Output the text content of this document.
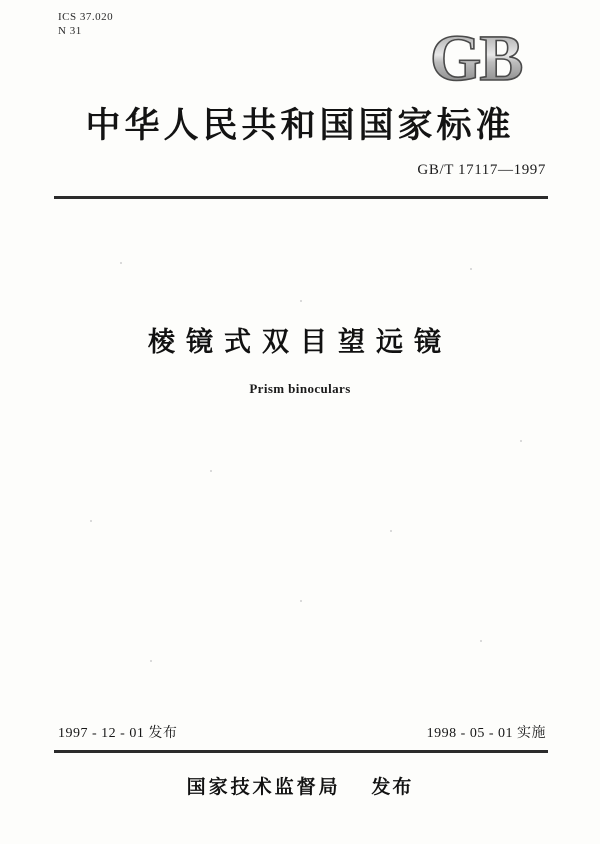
ICS 37.020
N 31	GB
中华人民共和国国家标准
GB/T 17117—1997
棱镜式双目望远镜
Prism binoculars
1997 - 12 - 01 发布	1998 - 05 - 01 实施
国家技术监督局 发布
